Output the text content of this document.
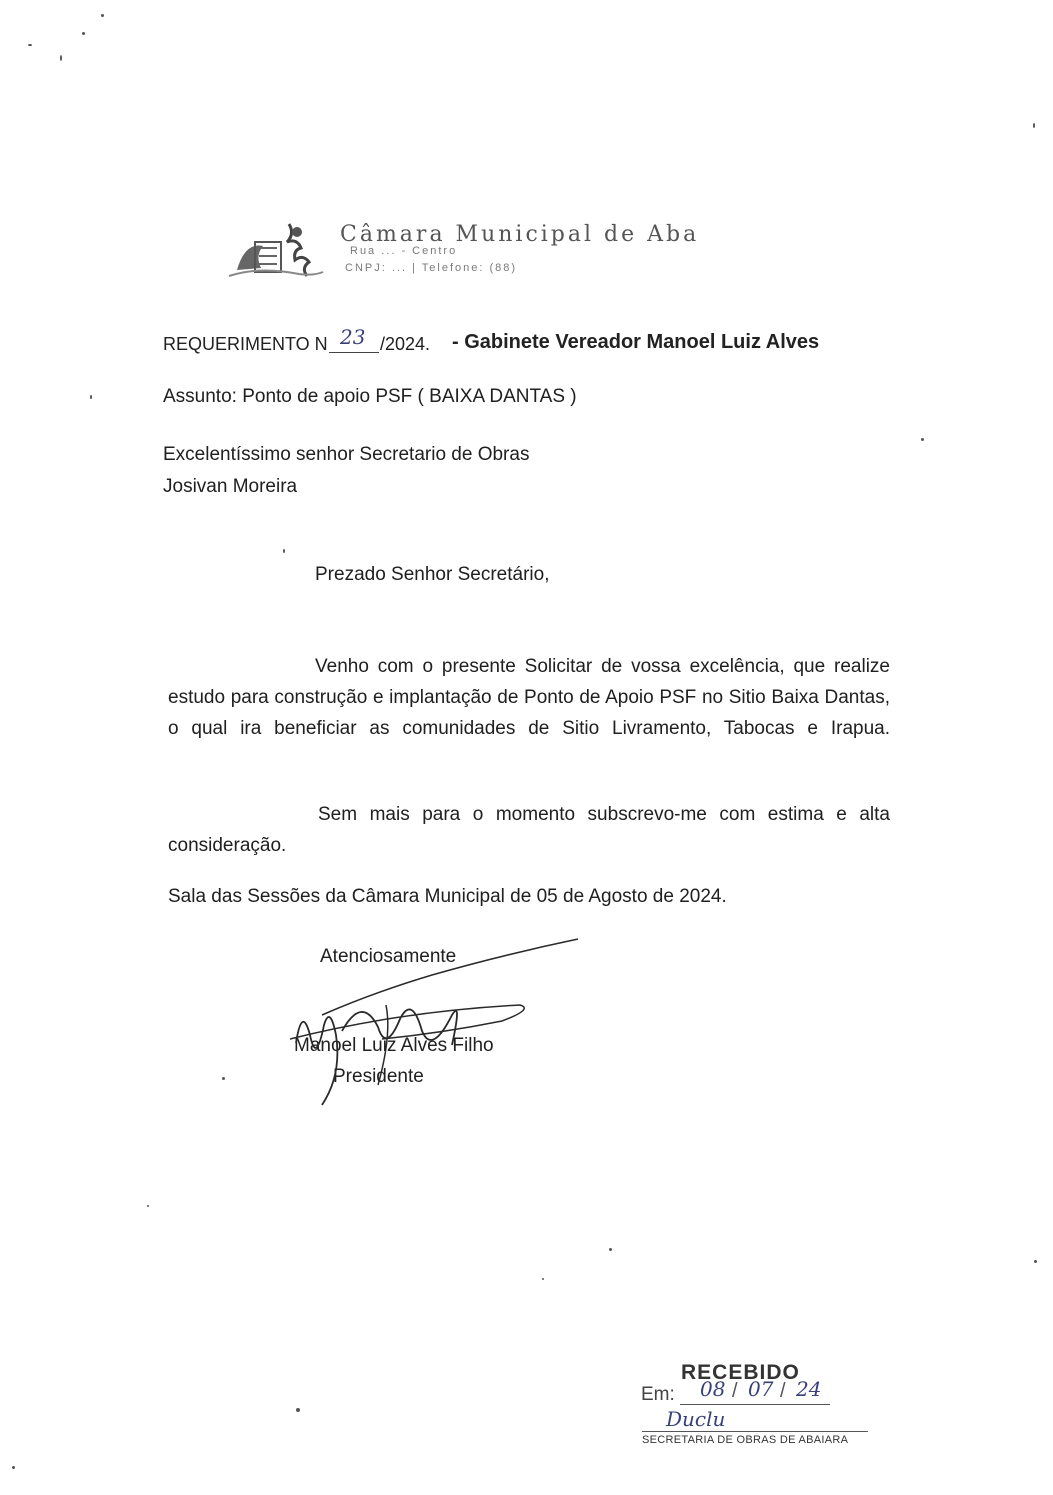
Câmara Municipal de Aba
Rua ... - Centro
CNPJ: ... | Telefone: (88)
REQUERIMENTO N 23 /2024. - Gabinete Vereador Manoel Luiz Alves
Assunto: Ponto de apoio PSF ( BAIXA DANTAS )
Excelentíssimo senhor Secretario de Obras
Josivan Moreira
Prezado Senhor Secretário,
Venho com o presente Solicitar de vossa excelência, que realize estudo para construção e implantação de Ponto de Apoio PSF no Sitio Baixa Dantas, o qual ira beneficiar as comunidades de Sitio Livramento, Tabocas e Irapua.
Sem mais para o momento subscrevo-me com estima e alta consideração.
Sala das Sessões da Câmara Municipal de 05 de Agosto de 2024.
Atenciosamente
Manoel Luiz Alves Filho
Presidente
RECEBIDO
Em: 08 / 07 / 24
Duclu
SECRETARIA DE OBRAS DE ABAIARA
